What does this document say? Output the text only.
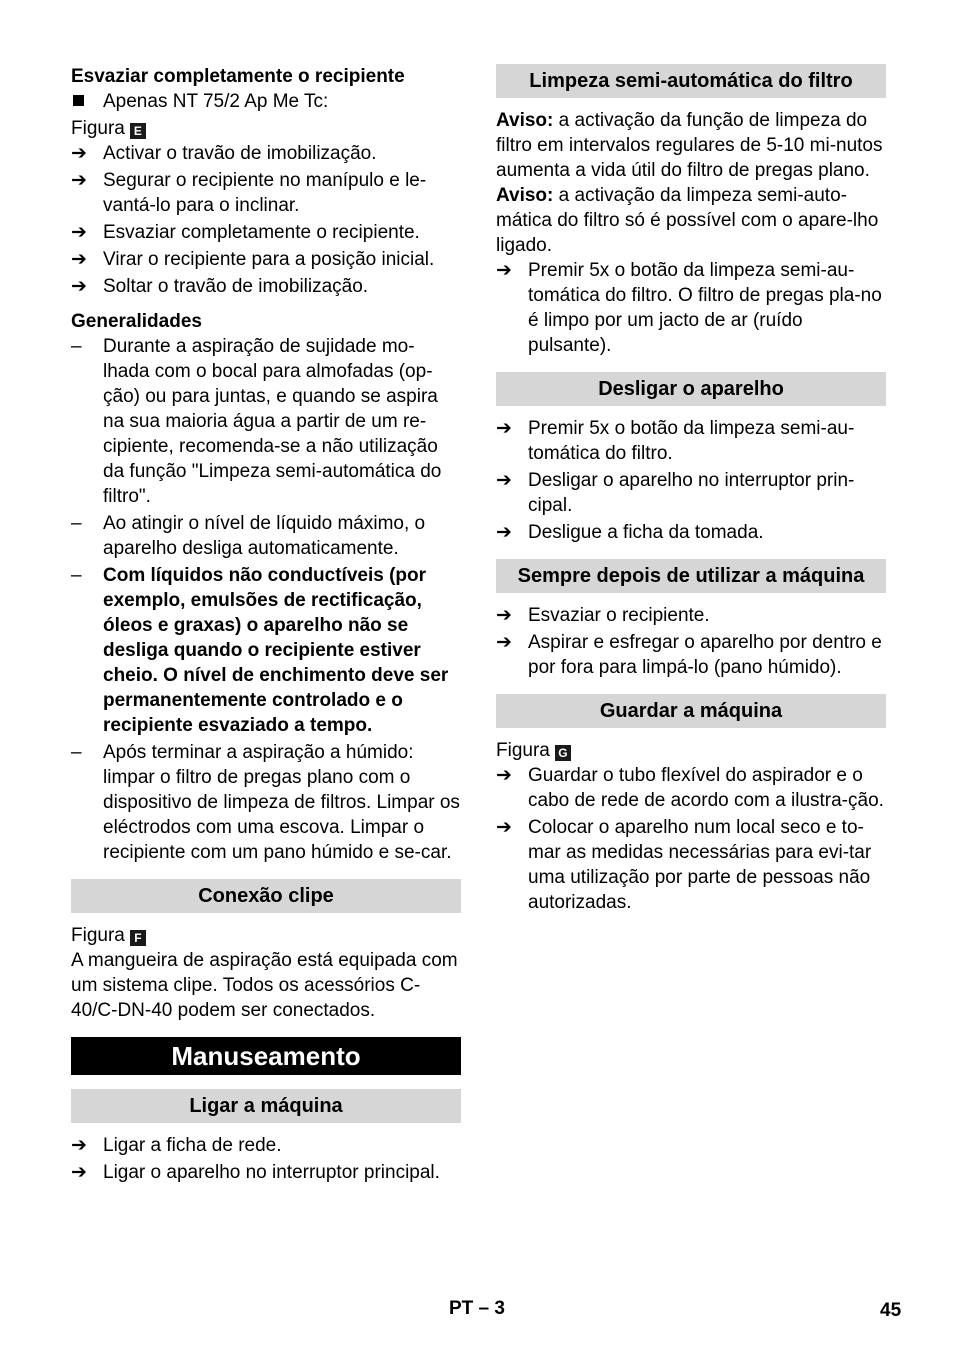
Esvaziar completamente o recipiente

Apenas NT 75/2 Ap Me Tc:

Figura E

➔ Activar o travão de imobilização.
➔ Segurar o recipiente no manípulo e le-vantá-lo para o inclinar.
➔ Esvaziar completamente o recipiente.
➔ Virar o recipiente para a posição inicial.
➔ Soltar o travão de imobilização.

Generalidades

–	Durante a aspiração de sujidade mo-lhada com o bocal para almofadas (op-ção) ou para juntas, e quando se aspira na sua maioria água a partir de um re-cipiente, recomenda-se a não utilização da função "Limpeza semi-automática do filtro".
–	Ao atingir o nível de líquido máximo, o aparelho desliga automaticamente.
–	Com líquidos não conductíveis (por exemplo, emulsões de rectificação, óleos e graxas) o aparelho não se desliga quando o recipiente estiver cheio. O nível de enchimento deve ser permanentemente controlado e o recipiente esvaziado a tempo.
–	Após terminar a aspiração a húmido: limpar o filtro de pregas plano com o dispositivo de limpeza de filtros. Limpar os eléctrodos com uma escova. Limpar o recipiente com um pano húmido e se-car.
Conexão clipe

Figura F

A mangueira de aspiração está equipada com um sistema clipe. Todos os acessórios C-40/C-DN-40 podem ser conectados.

Manuseamento
Ligar a máquina
➔ Ligar a ficha de rede.
➔ Ligar o aparelho no interruptor principal.
Limpeza semi-automática do filtro

Aviso: a activação da função de limpeza do filtro em intervalos regulares de 5-10 mi-nutos aumenta a vida útil do filtro de pregas plano.

Aviso: a activação da limpeza semi-auto-mática do filtro só é possível com o apare-lho ligado.

➔ Premir 5x o botão da limpeza semi-au-tomática do filtro. O filtro de pregas pla-no é limpo por um jacto de ar (ruído pulsante).
Desligar o aparelho
➔ Premir 5x o botão da limpeza semi-au-tomática do filtro.
➔ Desligar o aparelho no interruptor prin-cipal.
➔ Desligue a ficha da tomada.
Sempre depois de utilizar a máquina
➔ Esvaziar o recipiente.
➔ Aspirar e esfregar o aparelho por dentro e por fora para limpá-lo (pano húmido).
Guardar a máquina

Figura G

➔ Guardar o tubo flexível do aspirador e o cabo de rede de acordo com a ilustra-ção.
➔ Colocar o aparelho num local seco e to-mar as medidas necessárias para evi-tar uma utilização por parte de pessoas não autorizadas.
PT – 3	45
